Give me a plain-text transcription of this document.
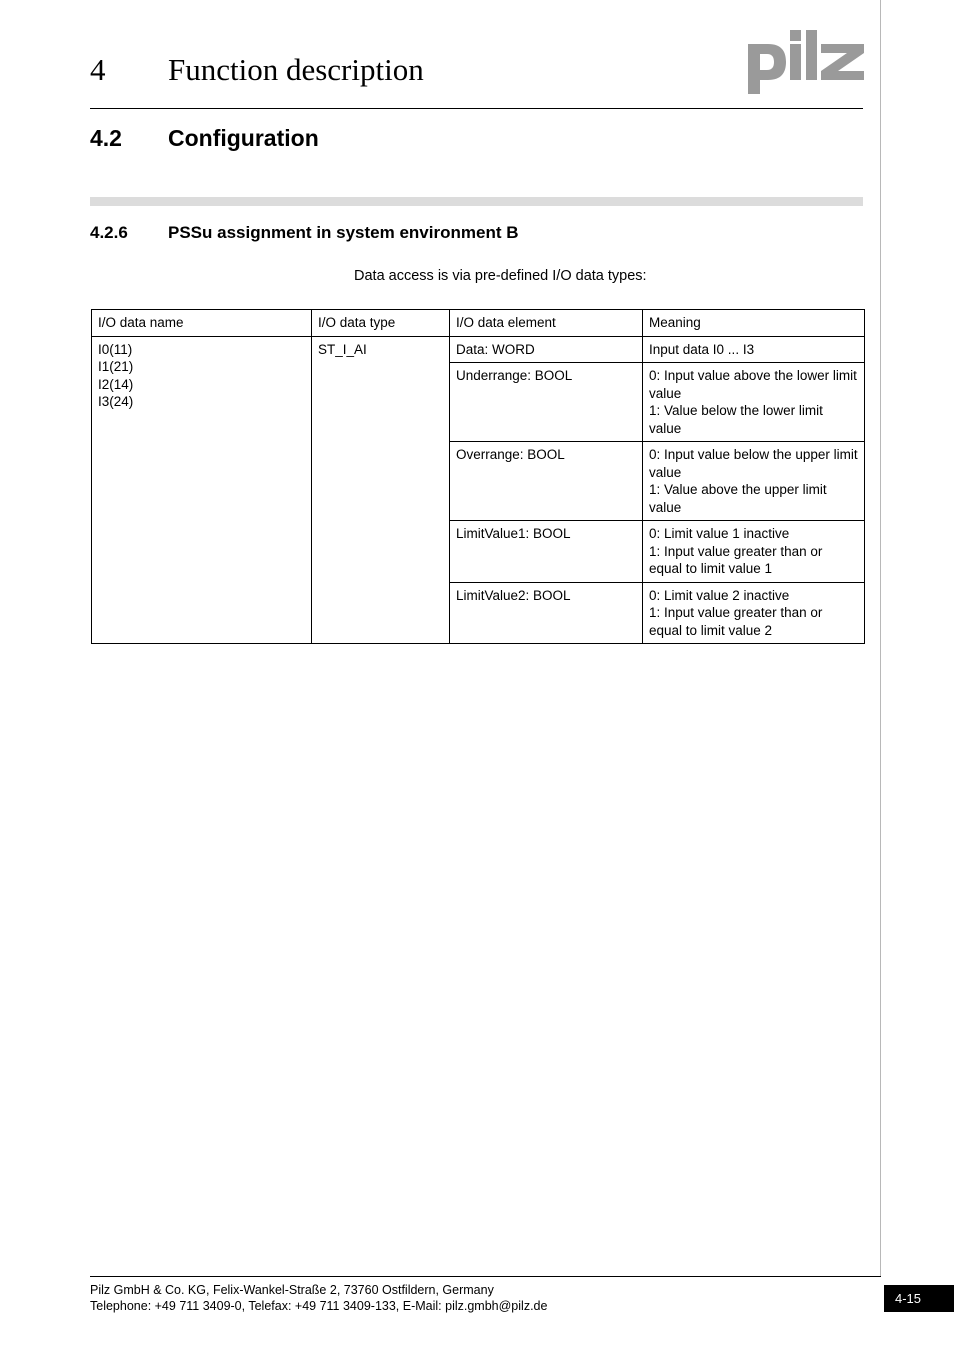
4 Function description
pilz
4.2 Configuration
4.2.6 PSSu assignment in system environment B
Data access is via pre-defined I/O data types:
I/O data name	I/O data type	I/O data element	Meaning

I0(11)
I1(21)
I2(14)
I3(24)	ST_I_AI	Data: WORD	Input data I0 ... I3

		Underrange: BOOL	0: Input value above the lower limit value
1: Value below the lower limit value

		Overrange: BOOL	0: Input value below the upper limit value
1: Value above the upper limit value

		LimitValue1: BOOL	0: Limit value 1 inactive
1: Input value greater than or equal to limit value 1

		LimitValue2: BOOL	0: Limit value 2 inactive
1: Input value greater than or equal to limit value 2
Pilz GmbH & Co. KG, Felix-Wankel-Straße 2, 73760 Ostfildern, Germany
Telephone: +49 711 3409-0, Telefax: +49 711 3409-133, E-Mail: pilz.gmbh@pilz.de	4-15
